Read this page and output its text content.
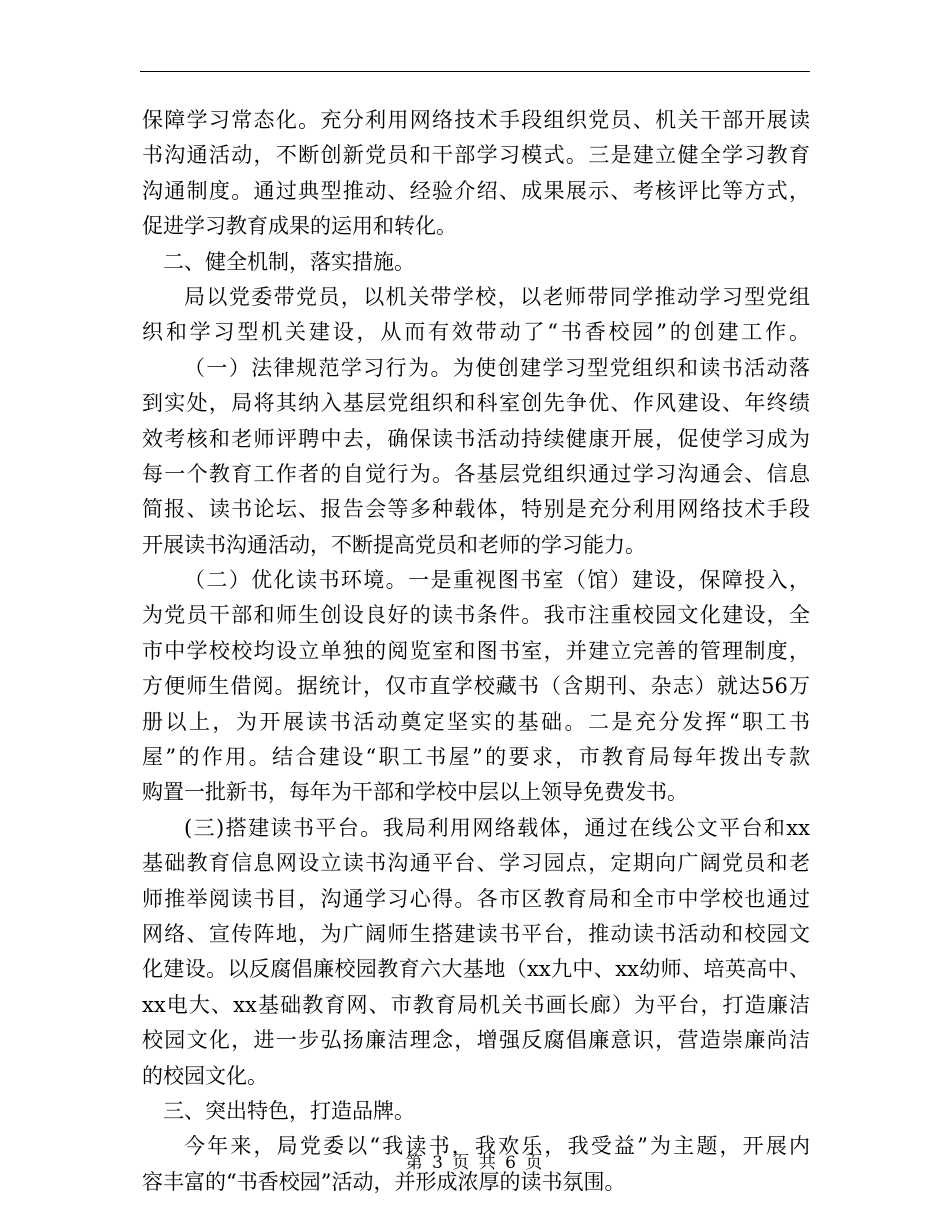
保障学习常态化。充分利用网络技术手段组织党员、机关干部开展读
书沟通活动，不断创新党员和干部学习模式。三是建立健全学习教育
沟通制度。通过典型推动、经验介绍、成果展示、考核评比等方式，
促进学习教育成果的运用和转化。
二、健全机制，落实措施。
局以党委带党员，以机关带学校，以老师带同学推动学习型党组
织和学习型机关建设，从而有效带动了“书香校园”的创建工作。
（一）法律规范学习行为。为使创建学习型党组织和读书活动落
到实处，局将其纳入基层党组织和科室创先争优、作风建设、年终绩
效考核和老师评聘中去，确保读书活动持续健康开展，促使学习成为
每一个教育工作者的自觉行为。各基层党组织通过学习沟通会、信息
简报、读书论坛、报告会等多种载体，特别是充分利用网络技术手段
开展读书沟通活动，不断提高党员和老师的学习能力。
（二）优化读书环境。一是重视图书室（馆）建设，保障投入，
为党员干部和师生创设良好的读书条件。我市注重校园文化建设，全
市中学校校均设立单独的阅览室和图书室，并建立完善的管理制度，
方便师生借阅。据统计，仅市直学校藏书（含期刊、杂志）就达56万
册以上，为开展读书活动奠定坚实的基础。二是充分发挥“职工书
屋”的作用。结合建设“职工书屋”的要求，市教育局每年拨出专款
购置一批新书，每年为干部和学校中层以上领导免费发书。
(三)搭建读书平台。我局利用网络载体，通过在线公文平台和xx
基础教育信息网设立读书沟通平台、学习园点，定期向广阔党员和老
师推举阅读书目，沟通学习心得。各市区教育局和全市中学校也通过
网络、宣传阵地，为广阔师生搭建读书平台，推动读书活动和校园文
化建设。以反腐倡廉校园教育六大基地（xx九中、xx幼师、培英高中、
xx电大、xx基础教育网、市教育局机关书画长廊）为平台，打造廉洁
校园文化，进一步弘扬廉洁理念，增强反腐倡廉意识，营造崇廉尚洁
的校园文化。
三、突出特色，打造品牌。
今年来，局党委以“我读书，我欢乐，我受益”为主题，开展内
容丰富的“书香校园”活动，并形成浓厚的读书氛围。
第 3 页 共 6 页
